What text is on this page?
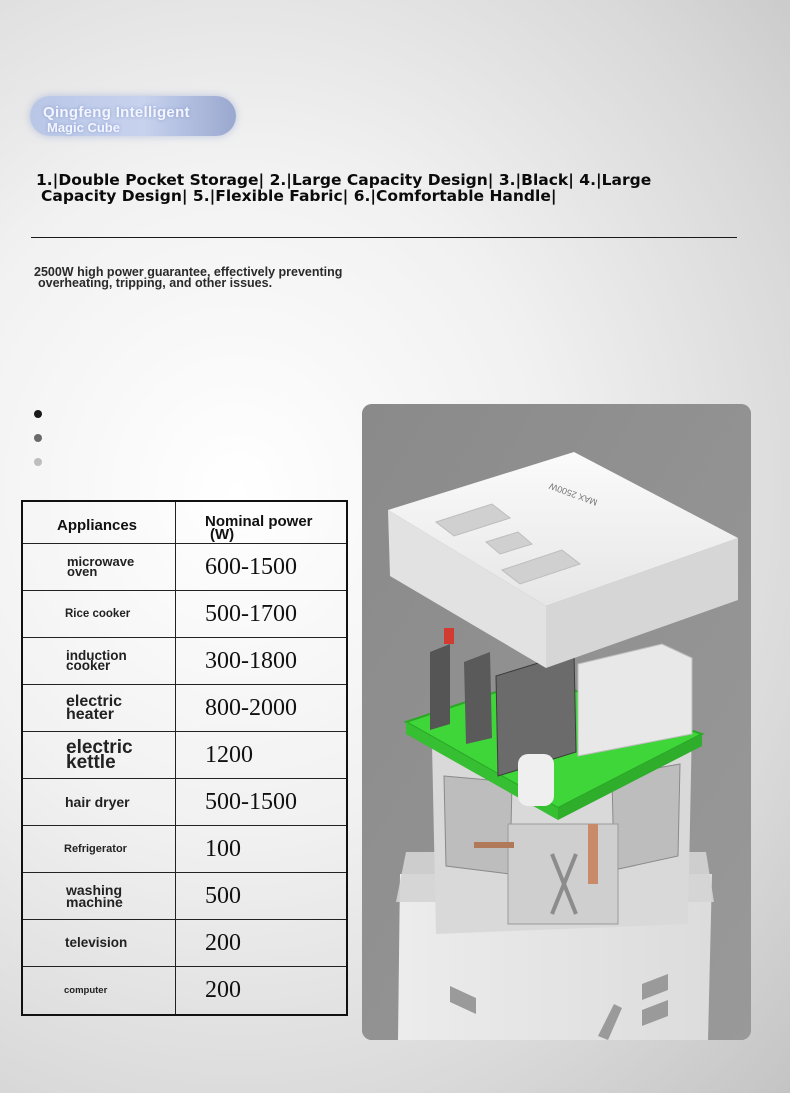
Qingfeng Intelligent
Magic Cube
1.|Double Pocket Storage| 2.|Large Capacity Design| 3.|Black| 4.|Large
Capacity Design| 5.|Flexible Fabric| 6.|Comfortable Handle|
2500W high power guarantee, effectively preventing
overheating, tripping, and other issues.
Appliances	Nominal power
(W)
microwave oven	600-1500
Rice cooker	500-1700
induction cooker	300-1800
electric heater	800-2000
electric kettle	1200
hair dryer	500-1500
Refrigerator	100
washing machine	500
television	200
computer	200
MAX 2500W
